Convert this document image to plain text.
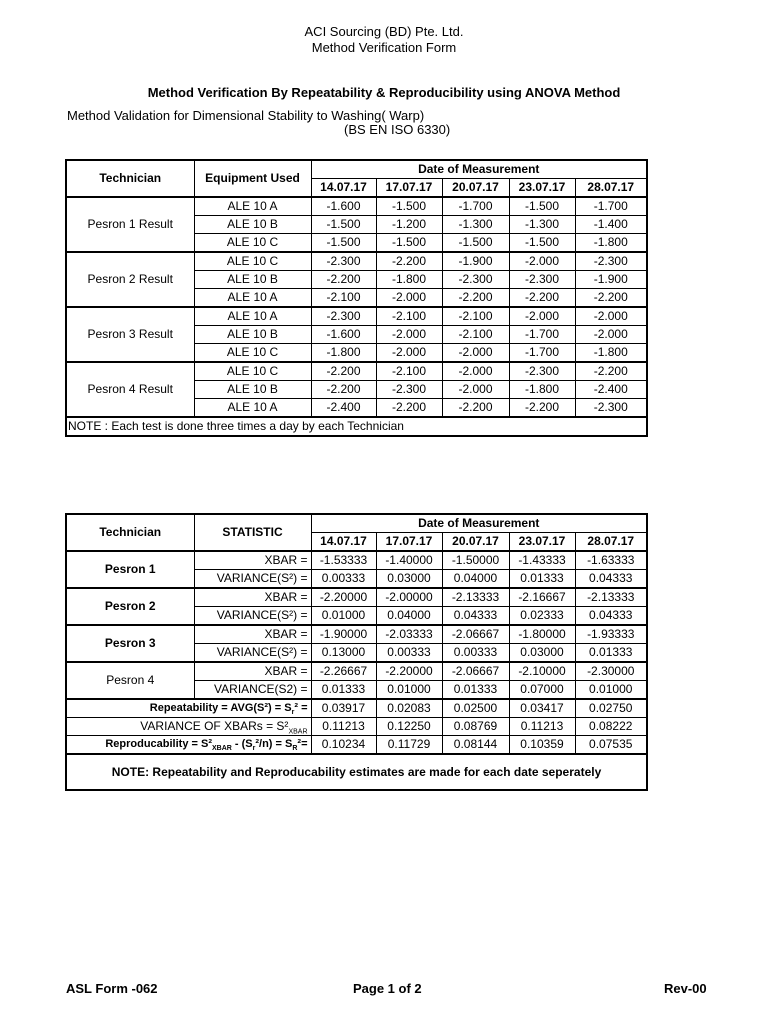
ACI Sourcing (BD) Pte. Ltd.
Method Verification Form
Method Verification By Repeatability & Reproducibility using ANOVA Method
Method Validation for Dimensional Stability to Washing( Warp)
(BS EN ISO 6330)
Technician	Equipment Used	Date of Measurement				
		14.07.17	17.07.17	20.07.17	23.07.17	28.07.17
Pesron 1 Result	ALE 10 A	-1.600	-1.500	-1.700	-1.500	-1.700
	ALE 10 B	-1.500	-1.200	-1.300	-1.300	-1.400
	ALE 10 C	-1.500	-1.500	-1.500	-1.500	-1.800
Pesron 2 Result	ALE 10 C	-2.300	-2.200	-1.900	-2.000	-2.300
	ALE 10 B	-2.200	-1.800	-2.300	-2.300	-1.900
	ALE 10 A	-2.100	-2.000	-2.200	-2.200	-2.200
Pesron 3 Result	ALE 10 A	-2.300	-2.100	-2.100	-2.000	-2.000
	ALE 10 B	-1.600	-2.000	-2.100	-1.700	-2.000
	ALE 10 C	-1.800	-2.000	-2.000	-1.700	-1.800
Pesron 4 Result	ALE 10 C	-2.200	-2.100	-2.000	-2.300	-2.200
	ALE 10 B	-2.200	-2.300	-2.000	-1.800	-2.400
	ALE 10 A	-2.400	-2.200	-2.200	-2.200	-2.300
NOTE : Each test is done three times a day by each Technician						
Technician	STATISTIC	Date of Measurement				
		14.07.17	17.07.17	20.07.17	23.07.17	28.07.17
Pesron 1	XBAR =	-1.53333	-1.40000	-1.50000	-1.43333	-1.63333
	VARIANCE(S²) =	0.00333	0.03000	0.04000	0.01333	0.04333
Pesron 2	XBAR =	-2.20000	-2.00000	-2.13333	-2.16667	-2.13333
	VARIANCE(S²) =	0.01000	0.04000	0.04333	0.02333	0.04333
Pesron 3	XBAR =	-1.90000	-2.03333	-2.06667	-1.80000	-1.93333
	VARIANCE(S²) =	0.13000	0.00333	0.00333	0.03000	0.01333
Pesron 4	XBAR =	-2.26667	-2.20000	-2.06667	-2.10000	-2.30000
	VARIANCE(S2) =	0.01333	0.01000	0.01333	0.07000	0.01000
Repeatability = $AVG(S^2) = S_r^2$ =		0.03917	0.02083	0.02500	0.03417	0.02750
VARIANCE OF XBARs = $S^2_{XBAR}$		0.11213	0.12250	0.08769	0.11213	0.08222
Reproducability = $S^2_{XBAR} - (S_r^2/n) = S_R^2=$		0.10234	0.11729	0.08144	0.10359	0.07535
NOTE: Repeatability and Reproducability estimates are made for each date seperately						
ASL Form -062	Page 1 of 2	Rev-00
